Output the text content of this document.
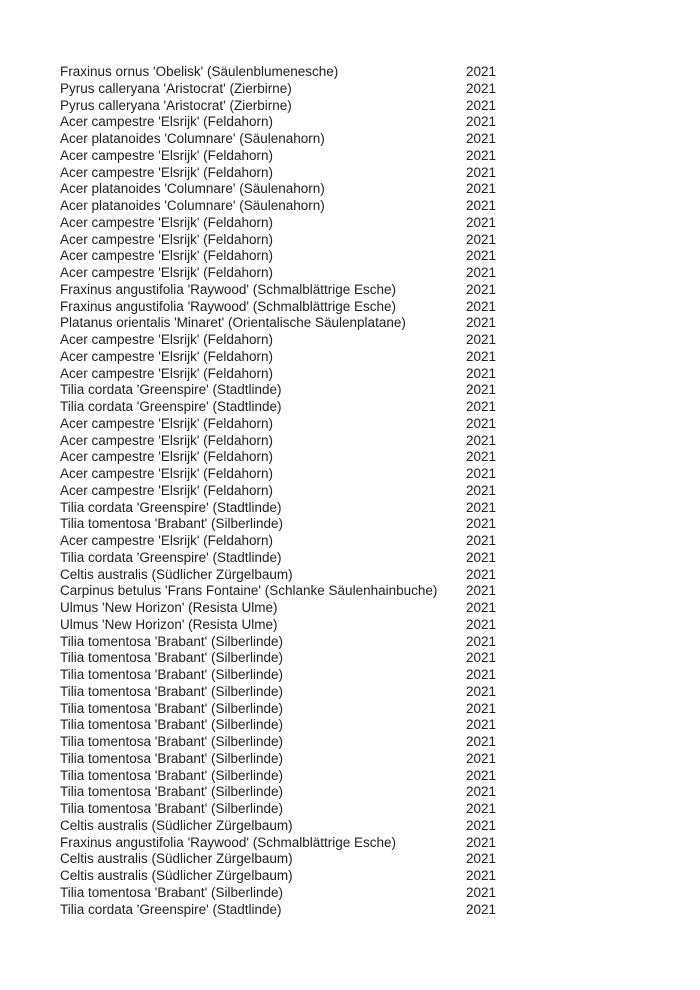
Fraxinus ornus 'Obelisk' (Säulenblumenesche)	2021
Pyrus calleryana 'Aristocrat' (Zierbirne)	2021
Pyrus calleryana 'Aristocrat' (Zierbirne)	2021
Acer campestre 'Elsrijk' (Feldahorn)	2021
Acer platanoides 'Columnare' (Säulenahorn)	2021
Acer campestre 'Elsrijk' (Feldahorn)	2021
Acer campestre 'Elsrijk' (Feldahorn)	2021
Acer platanoides 'Columnare' (Säulenahorn)	2021
Acer platanoides 'Columnare' (Säulenahorn)	2021
Acer campestre 'Elsrijk' (Feldahorn)	2021
Acer campestre 'Elsrijk' (Feldahorn)	2021
Acer campestre 'Elsrijk' (Feldahorn)	2021
Acer campestre 'Elsrijk' (Feldahorn)	2021
Fraxinus angustifolia 'Raywood' (Schmalblättrige Esche)	2021
Fraxinus angustifolia 'Raywood' (Schmalblättrige Esche)	2021
Platanus orientalis 'Minaret' (Orientalische Säulenplatane)	2021
Acer campestre 'Elsrijk' (Feldahorn)	2021
Acer campestre 'Elsrijk' (Feldahorn)	2021
Acer campestre 'Elsrijk' (Feldahorn)	2021
Tilia cordata 'Greenspire' (Stadtlinde)	2021
Tilia cordata 'Greenspire' (Stadtlinde)	2021
Acer campestre 'Elsrijk' (Feldahorn)	2021
Acer campestre 'Elsrijk' (Feldahorn)	2021
Acer campestre 'Elsrijk' (Feldahorn)	2021
Acer campestre 'Elsrijk' (Feldahorn)	2021
Acer campestre 'Elsrijk' (Feldahorn)	2021
Tilia cordata 'Greenspire' (Stadtlinde)	2021
Tilia tomentosa 'Brabant' (Silberlinde)	2021
Acer campestre 'Elsrijk' (Feldahorn)	2021
Tilia cordata 'Greenspire' (Stadtlinde)	2021
Celtis australis (Südlicher Zürgelbaum)	2021
Carpinus betulus 'Frans Fontaine' (Schlanke Säulenhainbuche)	2021
Ulmus 'New Horizon' (Resista Ulme)	2021
Ulmus 'New Horizon' (Resista Ulme)	2021
Tilia tomentosa 'Brabant' (Silberlinde)	2021
Tilia tomentosa 'Brabant' (Silberlinde)	2021
Tilia tomentosa 'Brabant' (Silberlinde)	2021
Tilia tomentosa 'Brabant' (Silberlinde)	2021
Tilia tomentosa 'Brabant' (Silberlinde)	2021
Tilia tomentosa 'Brabant' (Silberlinde)	2021
Tilia tomentosa 'Brabant' (Silberlinde)	2021
Tilia tomentosa 'Brabant' (Silberlinde)	2021
Tilia tomentosa 'Brabant' (Silberlinde)	2021
Tilia tomentosa 'Brabant' (Silberlinde)	2021
Tilia tomentosa 'Brabant' (Silberlinde)	2021
Celtis australis (Südlicher Zürgelbaum)	2021
Fraxinus angustifolia 'Raywood' (Schmalblättrige Esche)	2021
Celtis australis (Südlicher Zürgelbaum)	2021
Celtis australis (Südlicher Zürgelbaum)	2021
Tilia tomentosa 'Brabant' (Silberlinde)	2021
Tilia cordata 'Greenspire' (Stadtlinde)	2021
